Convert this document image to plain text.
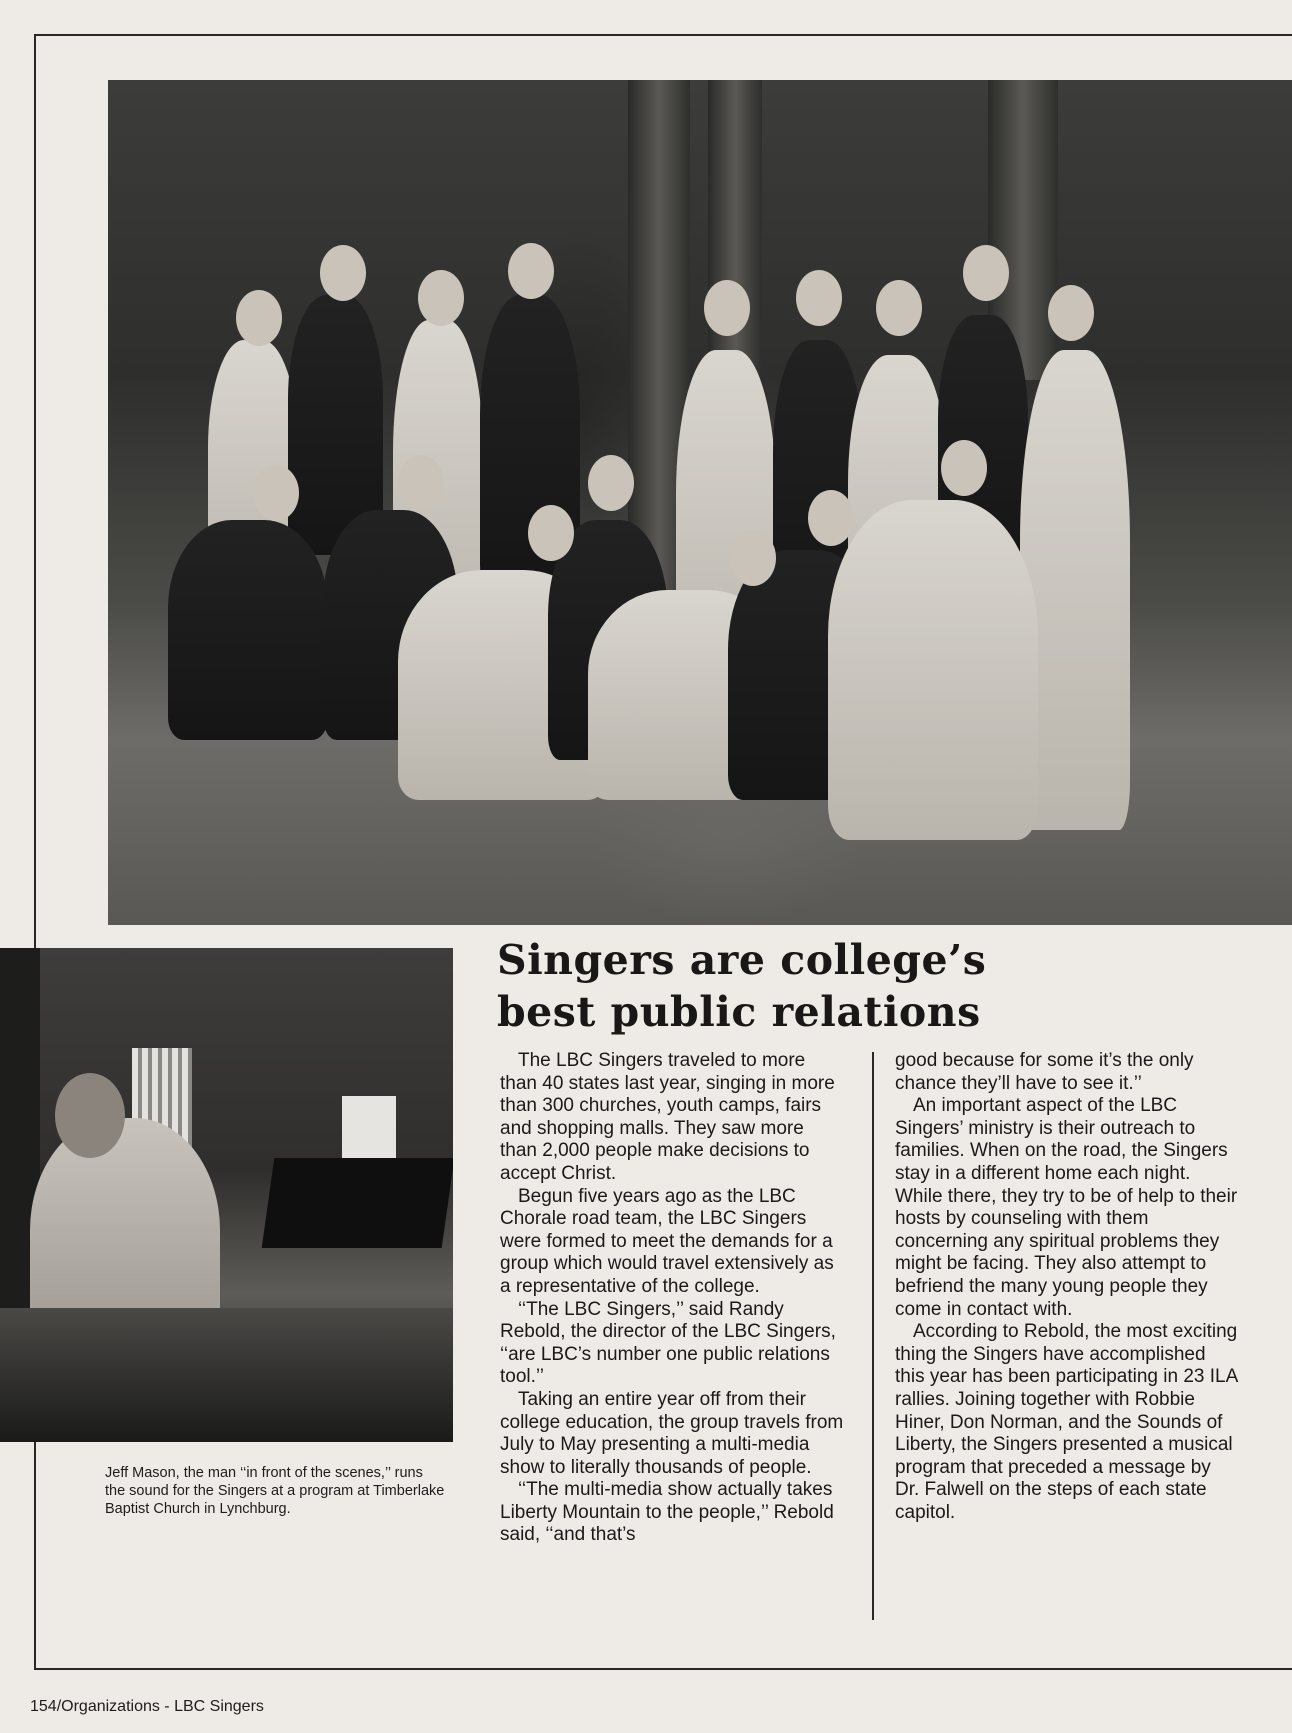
Jeff Mason, the man ‘‘in front of the scenes,’’ runs the sound for the Singers at a program at Timberlake Baptist Church in Lynchburg.
Singers are college’s
best public relations

The LBC Singers traveled to more than 40 states last year, singing in more than 300 churches, youth camps, fairs and shopping malls. They saw more than 2,000 people make decisions to accept Christ.

Begun five years ago as the LBC Chorale road team, the LBC Singers were formed to meet the demands for a group which would travel extensively as a representative of the college.

‘‘The LBC Singers,’’ said Randy Rebold, the director of the LBC Singers, ‘‘are LBC’s number one public relations tool.’’

Taking an entire year off from their college education, the group travels from July to May presenting a multi-media show to literally thousands of people.

‘‘The multi-media show actually takes Liberty Mountain to the people,’’ Rebold said, ‘‘and that’s

good because for some it’s the only chance they’ll have to see it.’’

An important aspect of the LBC Singers’ ministry is their outreach to families. When on the road, the Singers stay in a different home each night. While there, they try to be of help to their hosts by counseling with them concerning any spiritual problems they might be facing. They also attempt to befriend the many young people they come in contact with.

According to Rebold, the most exciting thing the Singers have accomplished this year has been participating in 23 ILA rallies. Joining together with Robbie Hiner, Don Norman, and the Sounds of Liberty, the Singers presented a musical program that preceded a message by Dr. Falwell on the steps of each state capitol.

154/Organizations - LBC Singers
